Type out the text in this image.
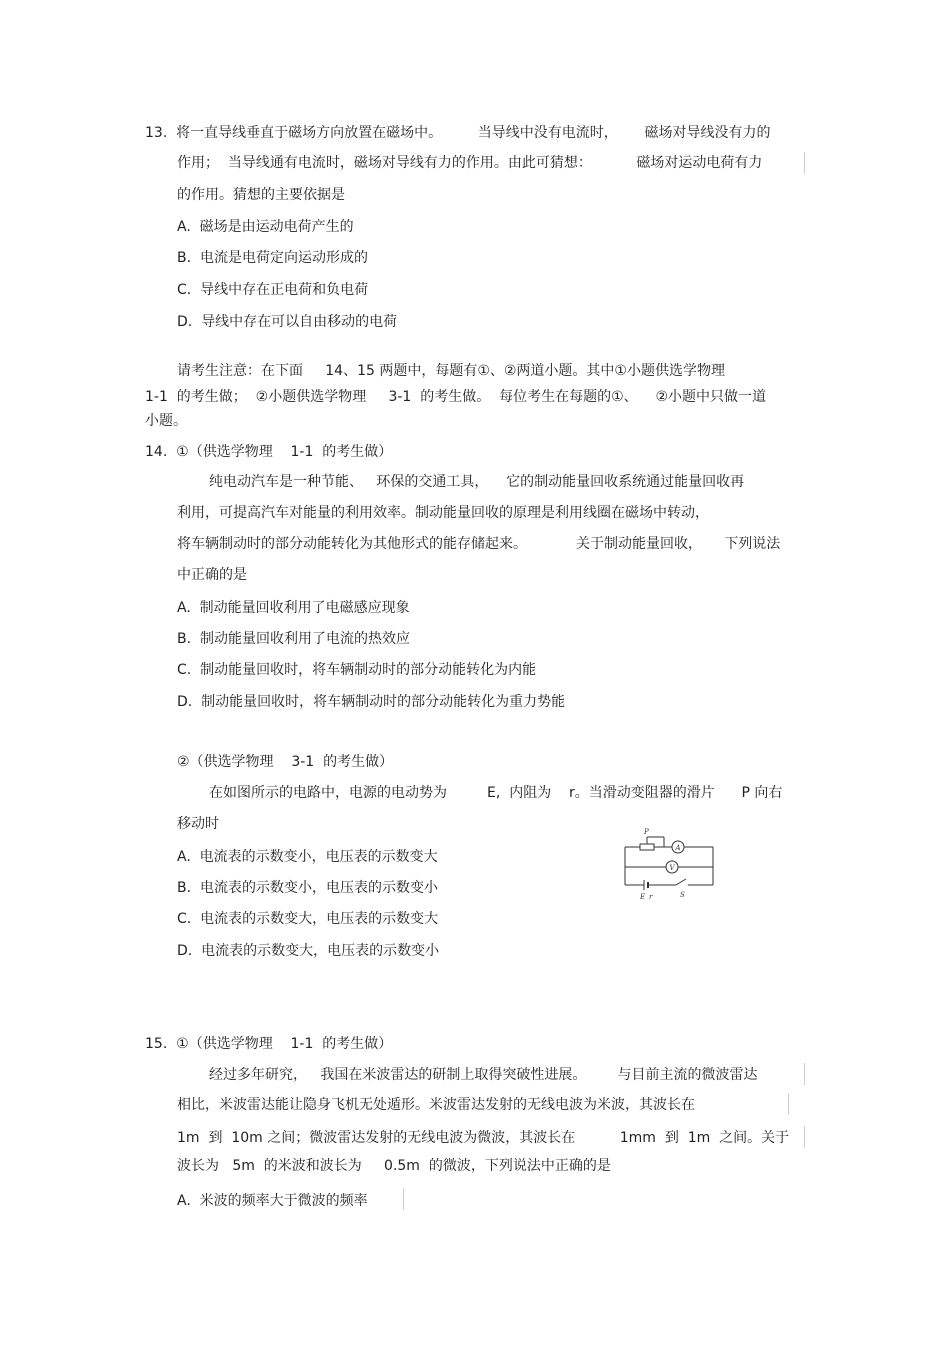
13.  将一直导线垂直于磁场方向放置在磁场中。        当导线中没有电流时，      磁场对导线没有力的
作用；  当导线通有电流时，磁场对导线有力的作用。由此可猜想：          磁场对运动电荷有力
的作用。猜想的主要依据是
A.  磁场是由运动电荷产生的
B.  电流是电荷定向运动形成的
C.  导线中存在正电荷和负电荷
D.  导线中存在可以自由移动的电荷
请考生注意：在下面     14、15 两题中，每题有①、②两道小题。其中①小题供选学物理
1-1  的考生做；  ②小题供选学物理     3-1  的考生做。  每位考生在每题的①、    ②小题中只做一道
小题。
14.  ①（供选学物理    1-1  的考生做）
纯电动汽车是一种节能、   环保的交通工具，    它的制动能量回收系统通过能量回收再
利用，可提高汽车对能量的利用效率。制动能量回收的原理是利用线圈在磁场中转动，
将车辆制动时的部分动能转化为其他形式的能存储起来。           关于制动能量回收，     下列说法
中正确的是
A.  制动能量回收利用了电磁感应现象
B.  制动能量回收利用了电流的热效应
C.  制动能量回收时，将车辆制动时的部分动能转化为内能
D.  制动能量回收时，将车辆制动时的部分动能转化为重力势能
②（供选学物理    3-1  的考生做）
在如图所示的电路中，电源的电动势为         E,  内阻为    r。当滑动变阻器的滑片      P 向右
移动时
A.  电流表的示数变小，电压表的示数变大
B.  电流表的示数变小，电压表的示数变小
C.  电流表的示数变大，电压表的示数变大
D.  电流表的示数变大，电压表的示数变小
P
A
V
E r	S
15.  ①（供选学物理    1-1  的考生做）
经过多年研究，   我国在米波雷达的研制上取得突破性进展。       与目前主流的微波雷达
相比，米波雷达能让隐身飞机无处遁形。米波雷达发射的无线电波为米波，其波长在
1m  到  10m 之间；微波雷达发射的无线电波为微波，其波长在          1mm  到  1m  之间。关于
波长为   5m  的米波和波长为     0.5m  的微波，下列说法中正确的是
A.  米波的频率大于微波的频率
